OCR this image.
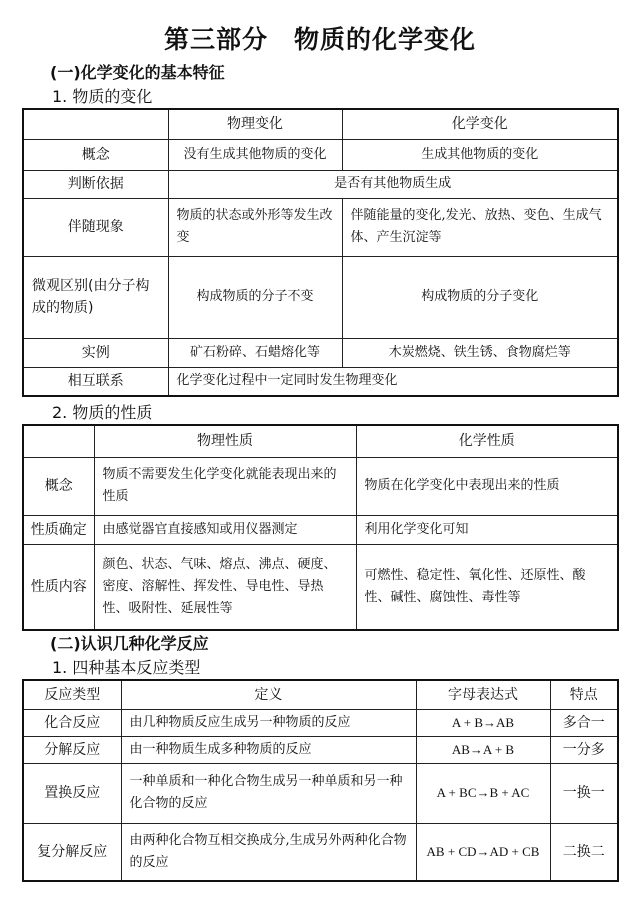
第三部分 物质的化学变化
(一)化学变化的基本特征
1. 物质的变化
	物理变化	化学变化
概念	没有生成其他物质的变化	生成其他物质的变化
判断依据	是否有其他物质生成	
伴随现象	物质的状态或外形等发生改变	伴随能量的变化,发光、放热、变色、生成气体、产生沉淀等
微观区别(由分子构成的物质)	构成物质的分子不变	构成物质的分子变化
实例	矿石粉碎、石蜡熔化等	木炭燃烧、铁生锈、食物腐烂等
相互联系	化学变化过程中一定同时发生物理变化	
2. 物质的性质
	物理性质	化学性质
概念	物质不需要发生化学变化就能表现出来的性质	物质在化学变化中表现出来的性质
性质确定	由感觉器官直接感知或用仪器测定	利用化学变化可知
性质内容	颜色、状态、气味、熔点、沸点、硬度、密度、溶解性、挥发性、导电性、导热性、吸附性、延展性等	可燃性、稳定性、氧化性、还原性、酸性、碱性、腐蚀性、毒性等
(二)认识几种化学反应
1. 四种基本反应类型
反应类型	定义	字母表达式	特点
化合反应	由几种物质反应生成另一种物质的反应	A + B→AB	多合一
分解反应	由一种物质生成多种物质的反应	AB→A + B	一分多
置换反应	一种单质和一种化合物生成另一种单质和另一种化合物的反应	A + BC→B + AC	一换一
复分解反应	由两种化合物互相交换成分,生成另外两种化合物的反应	AB + CD→AD + CB	二换二
